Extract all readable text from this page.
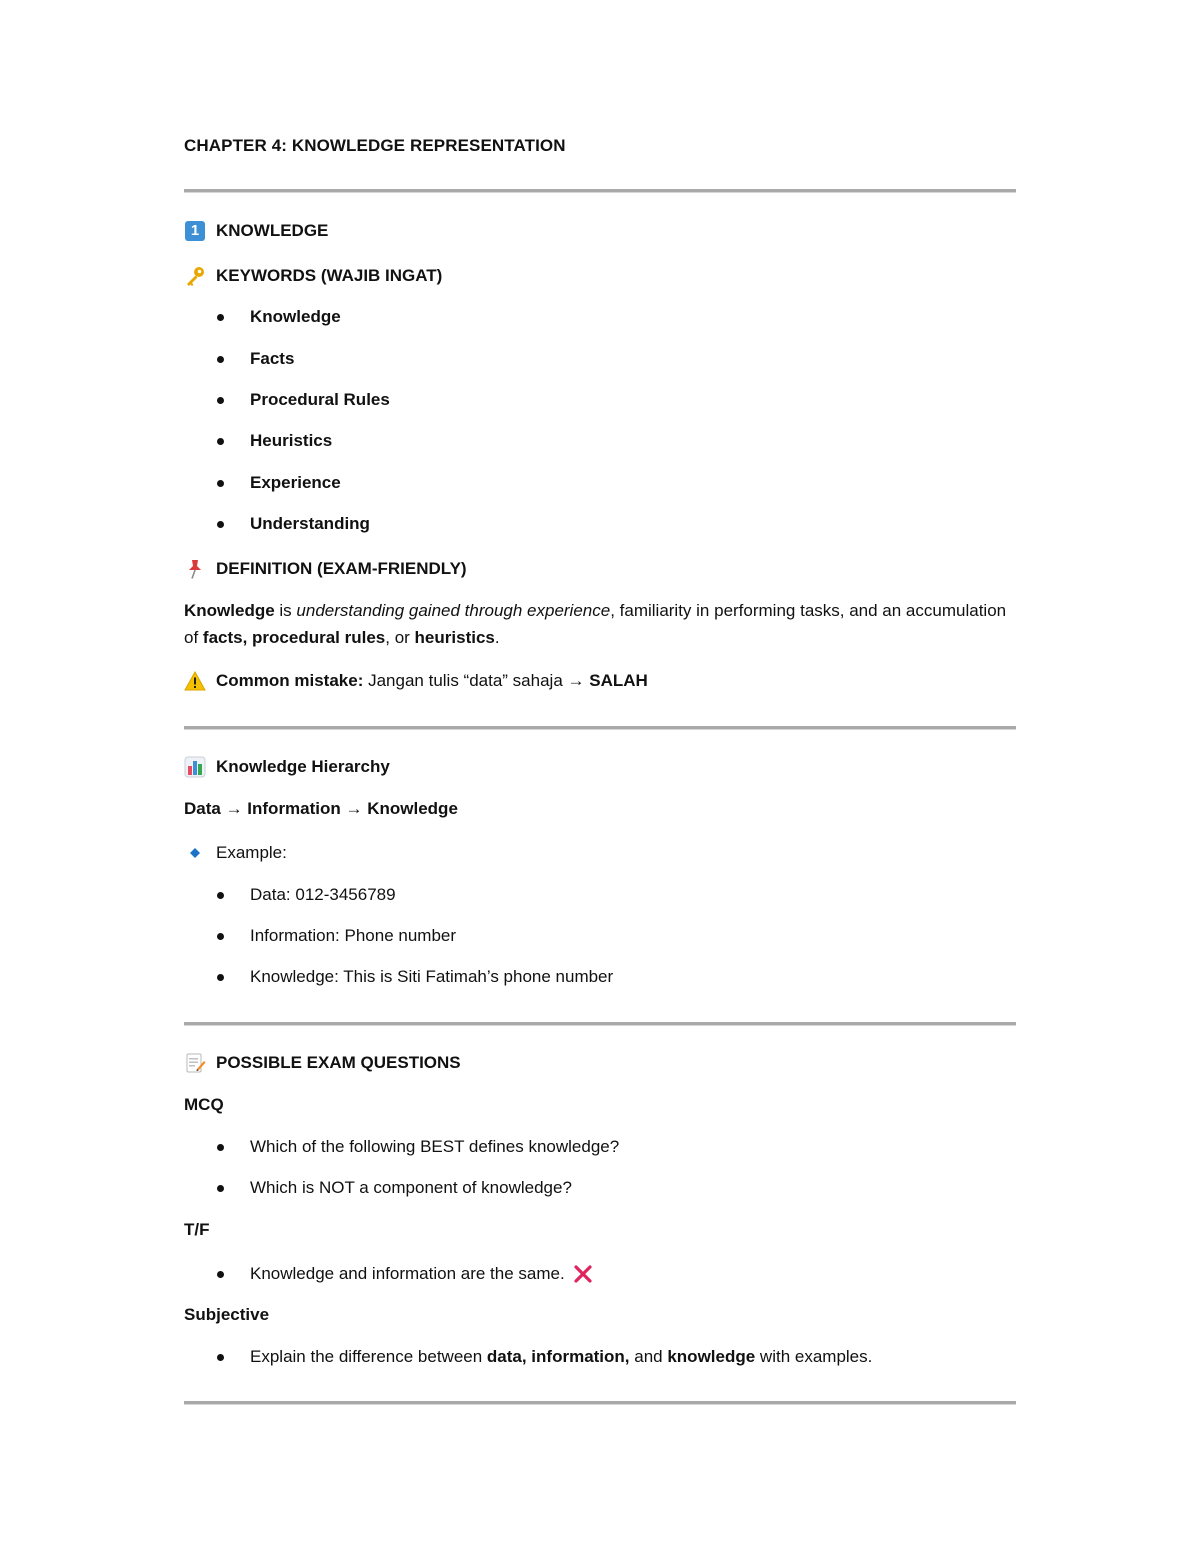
CHAPTER 4: KNOWLEDGE REPRESENTATION
1 KNOWLEDGE
KEYWORDS (WAJIB INGAT)
Knowledge
Facts
Procedural Rules
Heuristics
Experience
Understanding
DEFINITION (EXAM-FRIENDLY)
Knowledge is understanding gained through experience, familiarity in performing tasks, and an accumulation of facts, procedural rules, or heuristics.
Common mistake: Jangan tulis “data” sahaja → SALAH
Knowledge Hierarchy
Data → Information → Knowledge
Example:
Data: 012-3456789
Information: Phone number
Knowledge: This is Siti Fatimah’s phone number
POSSIBLE EXAM QUESTIONS
MCQ
Which of the following BEST defines knowledge?
Which is NOT a component of knowledge?
T/F
Knowledge and information are the same.
Subjective
Explain the difference between data, information, and knowledge with examples.
